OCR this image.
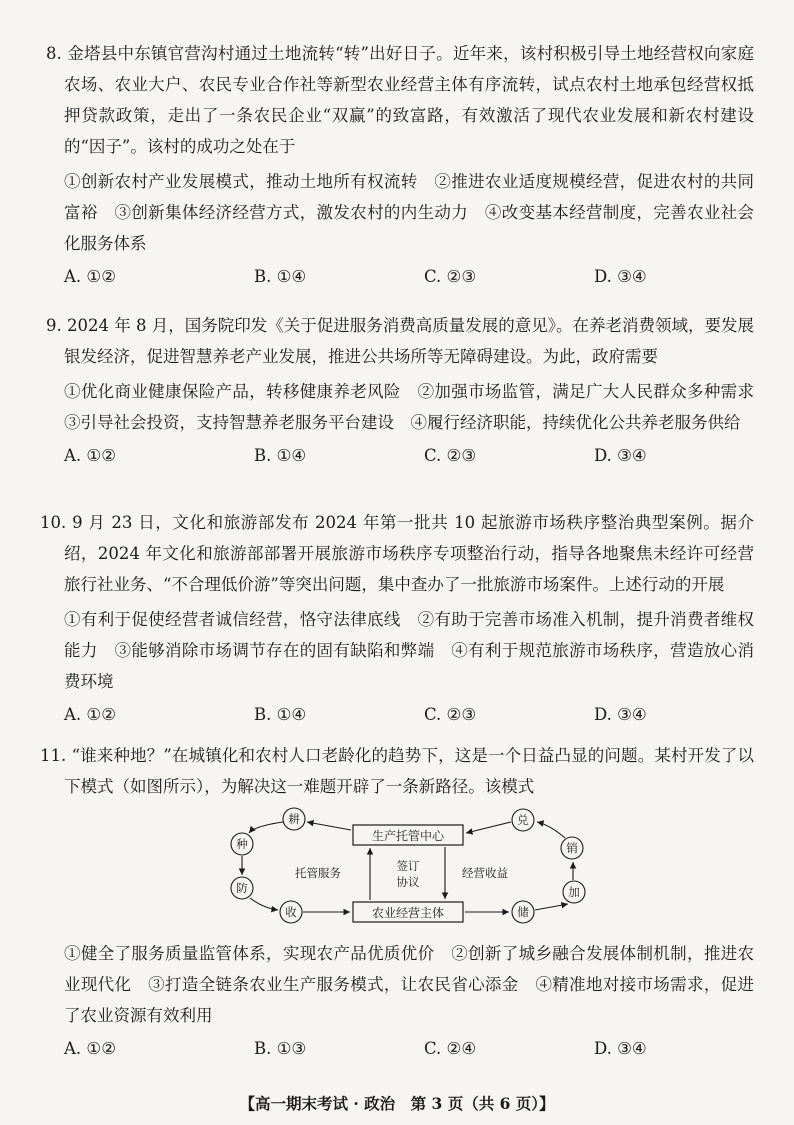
8. 金塔县中东镇官营沟村通过土地流转“转”出好日子。近年来，该村积极引导土地经营权向家庭农场、农业大户、农民专业合作社等新型农业经营主体有序流转，试点农村土地承包经营权抵押贷款政策，走出了一条农民企业“双赢”的致富路，有效激活了现代农业发展和新农村建设的“因子”。该村的成功之处在于

①创新农村产业发展模式，推动土地所有权流转　②推进农业适度规模经营，促进农村的共同富裕　③创新集体经济经营方式，激发农村的内生动力　④改变基本经营制度，完善农业社会化服务体系

A. ①②	B. ①④	C. ②③	D. ③④

9. 2024 年 8 月，国务院印发《关于促进服务消费高质量发展的意见》。在养老消费领域，要发展银发经济，促进智慧养老产业发展，推进公共场所等无障碍建设。为此，政府需要

①优化商业健康保险产品，转移健康养老风险　②加强市场监管，满足广大人民群众多种需求　③引导社会投资，支持智慧养老服务平台建设　④履行经济职能，持续优化公共养老服务供给

A. ①②	B. ①④	C. ②③	D. ③④

10. 9 月 23 日，文化和旅游部发布 2024 年第一批共 10 起旅游市场秩序整治典型案例。据介绍，2024 年文化和旅游部部署开展旅游市场秩序专项整治行动，指导各地聚焦未经许可经营旅行社业务、“不合理低价游”等突出问题，集中查办了一批旅游市场案件。上述行动的开展

①有利于促使经营者诚信经营，恪守法律底线　②有助于完善市场准入机制，提升消费者维权能力　③能够消除市场调节存在的固有缺陷和弊端　④有利于规范旅游市场秩序，营造放心消费环境

A. ①②	B. ①④	C. ②③	D. ③④

11. “谁来种地？”在城镇化和农村人口老龄化的趋势下，这是一个日益凸显的问题。某村开发了以下模式（如图所示），为解决这一难题开辟了一条新路径。该模式

生产托管中心
农业经营主体
托管服务	签订
协议
经营收益
耕
种
防
收
兑
销
加
储

①健全了服务质量监管体系，实现农产品优质优价　②创新了城乡融合发展体制机制，推进农业现代化　③打造全链条农业生产服务模式，让农民省心添金　④精准地对接市场需求，促进了农业资源有效利用

A. ①②	B. ①③	C. ②④	D. ③④
【高一期末考试 · 政治　第 3 页（共 6 页）】
